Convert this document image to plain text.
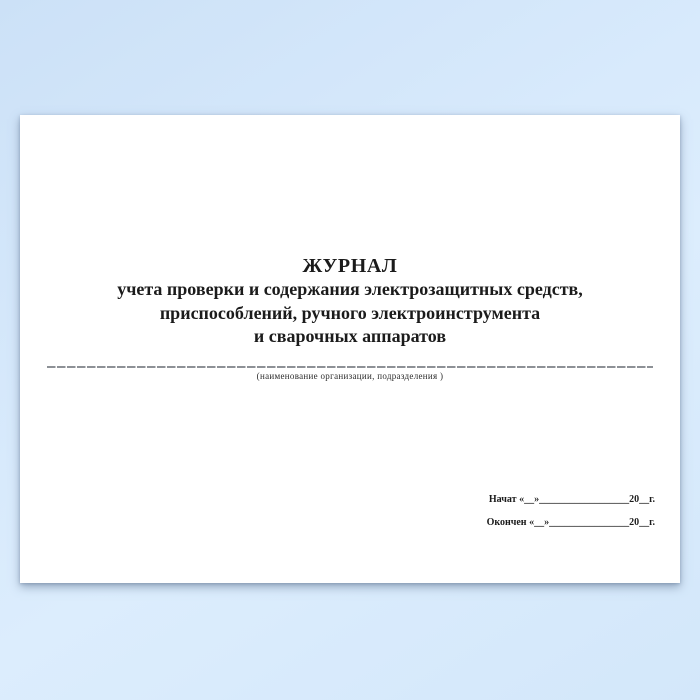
ЖУРНАЛ
учета проверки и содержания электрозащитных средств,
приспособлений, ручного электроинструмента
и сварочных аппаратов
(наименование организации, подразделения )
Начат «__»__________________20__г.
Окончен «__»________________20__г.
